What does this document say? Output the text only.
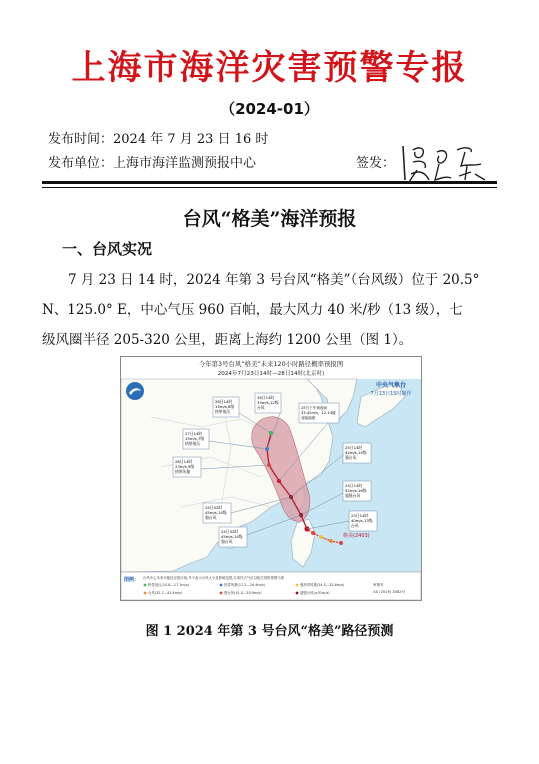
上海市海洋灾害预警专报
（2024-01）
发布时间：2024 年 7 月 23 日 16 时
发布单位：上海市海洋监测预报中心	签发：
台风“格美”海洋预报
一、台风实况
7 月 23 日 14 时，2024 年第 3 号台风“格美”（台风级）位于 20.5°
N、125.0° E，中心气压 960 百帕，最大风力 40 米/秒（13 级），七
级风圈半径 205-320 公里，距离上海约 1200 公里（图 1）。
今年第3号台风“格美”未来120小时路径概率预报图
2024年7月23日14时—28日14时(北京时)
格美(2403)
中央气象台
7月23日15时制作
28日14时
15m/s,8级
热带低压
26日14时
33m/s,12级
台风	25日下午到夜间
33-42m/s，12-14级
登陆福建
27日14时
15m/s,7级
热带低压
26日14时
23m/s,9级
热带风暴
25日14时
42m/s,14级
强台风
24日14时
52m/s,16级
超强台风
25日02时
45m/s,14级
强台风
24日02时
45m/s,14级
强台风
23日14时
40m/s,13级
台风
图例： 台风中心未来可能经过的区域,并不表示台风大小及影响范围,灾害性天气应以相关预报预警为准
热带低压(10.8—17.1m/s)	热带风暴(17.2—24.4m/s)	强热带风暴(24.5—32.6m/s)
台风(32.7—41.4m/s)	强台风(41.5—50.9m/s)	超强台风(≥51m/s)
审图号
GS (2019) 3082号
图 1 2024 年第 3 号台风“格美”路径预测
